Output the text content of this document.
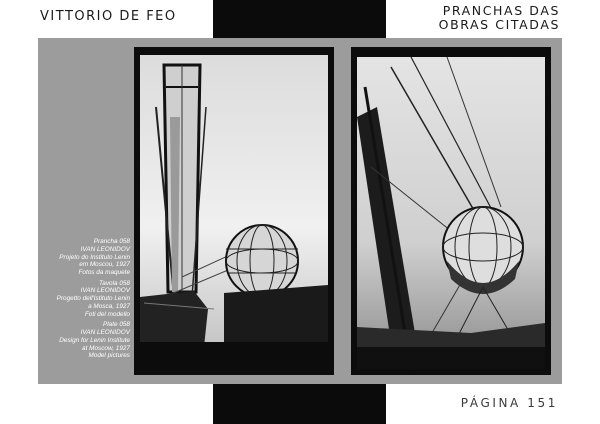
VITTORIO DE FEO	PRANCHAS DAS
OBRAS CITADAS
Prancha 058
IVAN LEONIDOV
Projeto do Instituto Lenin
em Moscou, 1927
Fotos da maquete
Tavola 058
IVAN LEONIDOV
Progetto dell'Istituto Lenin
a Mosca, 1927
Foti del modello
Plate 058
IVAN LEONIDOV
Design for Lenin Institute
at Moscow, 1927
Model pictures
PÁGINA 151
